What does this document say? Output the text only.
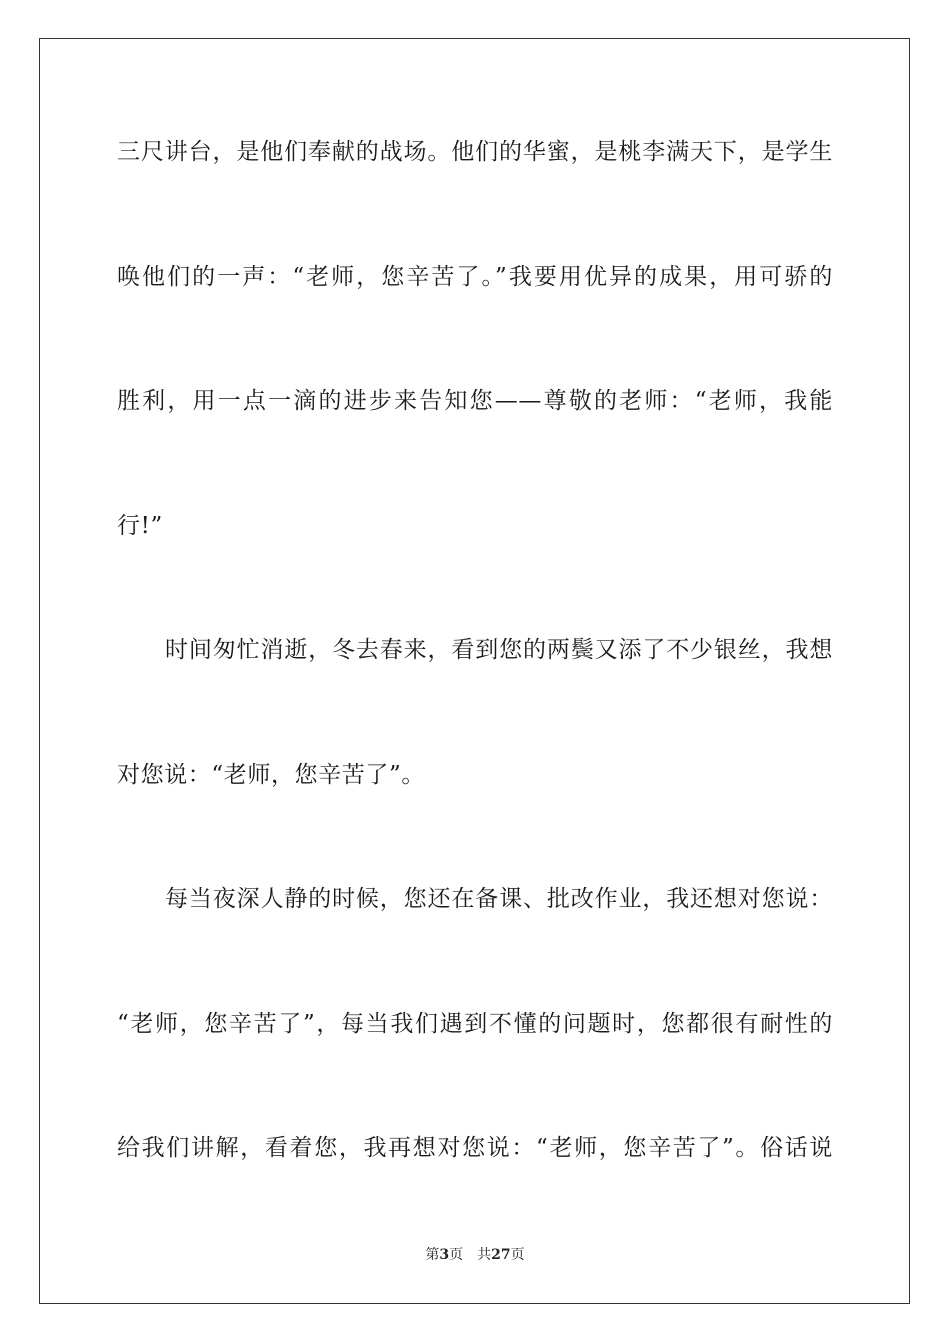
三尺讲台，是他们奉献的战场。他们的华蜜，是桃李满天下，是学生
唤他们的一声：“老师，您辛苦了。”我要用优异的成果，用可骄的
胜利，用一点一滴的进步来告知您——尊敬的老师：“老师，我能
行!”
时间匆忙消逝，冬去春来，看到您的两鬓又添了不少银丝，我想
对您说：“老师，您辛苦了”。
每当夜深人静的时候，您还在备课、批改作业，我还想对您说：
“老师，您辛苦了”，每当我们遇到不懂的问题时，您都很有耐性的
给我们讲解，看着您，我再想对您说：“老师，您辛苦了”。俗话说
第3页 共27页
